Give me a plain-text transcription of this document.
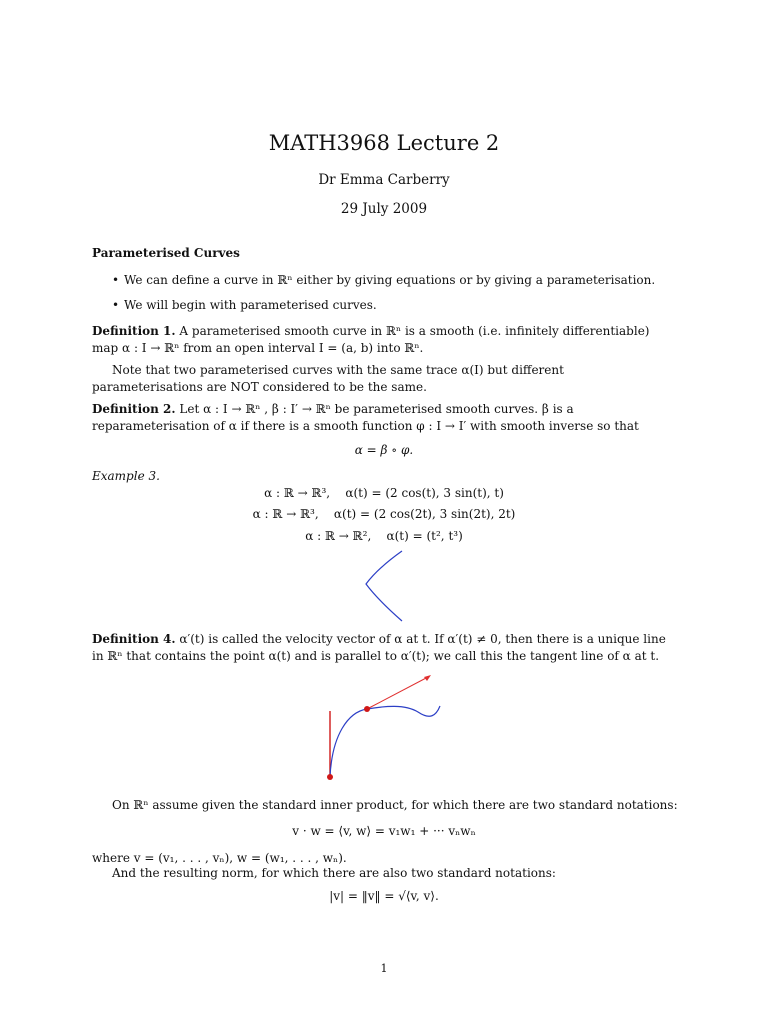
MATH3968 Lecture 2
Dr Emma Carberry
29 July 2009
Parameterised Curves
• We can define a curve in ℝⁿ either by giving equations or by giving a parameterisation.
• We will begin with parameterised curves.
Definition 1. A parameterised smooth curve in ℝⁿ is a smooth (i.e. infinitely differentiable) map α : I → ℝⁿ from an open interval I = (a, b) into ℝⁿ.
Note that two parameterised curves with the same trace α(I) but different parameterisations are NOT considered to be the same.
Definition 2. Let α : I → ℝⁿ , β : I′ → ℝⁿ be parameterised smooth curves. β is a reparameterisation of α if there is a smooth function φ : I → I′ with smooth inverse so that
α = β ∘ φ.
Example 3.
α : ℝ → ℝ³,    α(t) = (2 cos(t), 3 sin(t), t)
α : ℝ → ℝ³,    α(t) = (2 cos(2t), 3 sin(2t), 2t)
α : ℝ → ℝ²,    α(t) = (t², t³)
Definition 4. α′(t) is called the velocity vector of α at t. If α′(t) ≠ 0, then there is a unique line in ℝⁿ that contains the point α(t) and is parallel to α′(t); we call this the tangent line of α at t.
On ℝⁿ assume given the standard inner product, for which there are two standard notations:
v · w = ⟨v, w⟩ = v₁w₁ + ··· vₙwₙ
where v = (v₁, . . . , vₙ), w = (w₁, . . . , wₙ).
And the resulting norm, for which there are also two standard notations:
|v| = ‖v‖ = √⟨v, v⟩.
1
